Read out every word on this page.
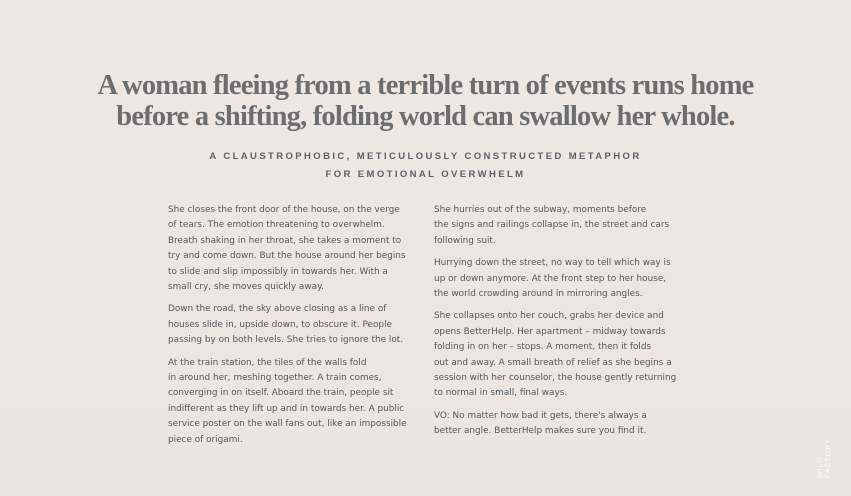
A woman fleeing from a terrible turn of events runs home
before a shifting, folding world can swallow her whole.
A CLAUSTROPHOBIC, METICULOUSLY CONSTRUCTED METAPHOR
FOR EMOTIONAL OVERWHELM

She closes the front door of the house, on the verge
of tears. The emotion threatening to overwhelm.
Breath shaking in her throat, she takes a moment to
try and come down. But the house around her begins
to slide and slip impossibly in towards her. With a
small cry, she moves quickly away.

Down the road, the sky above closing as a line of
houses slide in, upside down, to obscure it. People
passing by on both levels. She tries to ignore the lot.

At the train station, the tiles of the walls fold
in around her, meshing together. A train comes,
converging in on itself. Aboard the train, people sit
indifferent as they lift up and in towards her. A public
service poster on the wall fans out, like an impossible
piece of origami.

She hurries out of the subway, moments before
the signs and railings collapse in, the street and cars
following suit.

Hurrying down the street, no way to tell which way is
up or down anymore. At the front step to her house,
the world crowding around in mirroring angles.

She collapses onto her couch, grabs her device and
opens BetterHelp. Her apartment – midway towards
folding in on her – stops. A moment, then it folds
out and away. A small breath of relief as she begins a
session with her counselor, the house gently returning
to normal in small, final ways.

VO: No matter how bad it gets, there's always a
better angle. BetterHelp makes sure you find it.

WILD FACTORY
